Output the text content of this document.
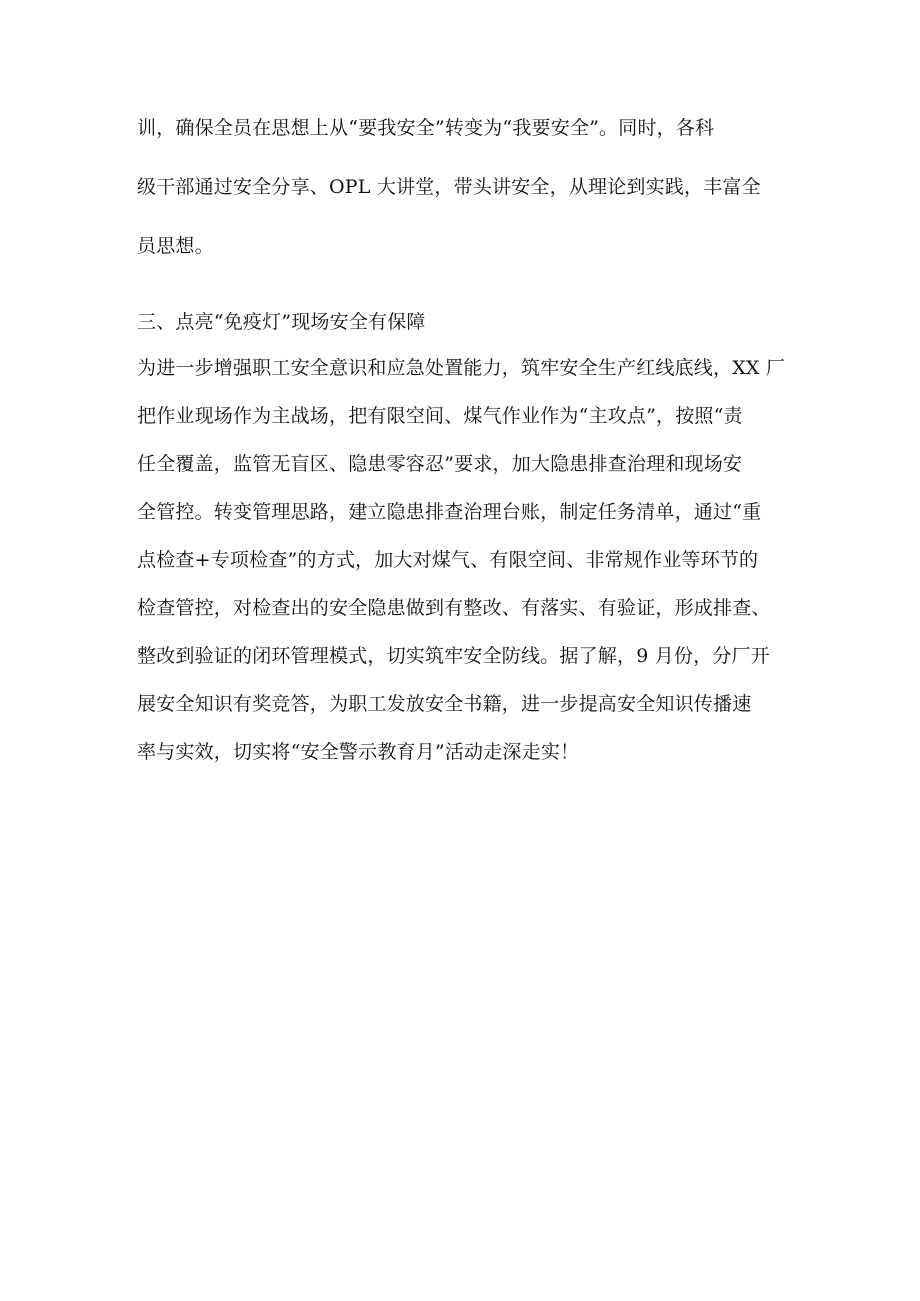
训，确保全员在思想上从“要我安全”转变为“我要安全”。同时，各科
级干部通过安全分享、OPL 大讲堂，带头讲安全，从理论到实践，丰富全
员思想。
三、点亮“免疫灯”现场安全有保障
为进一步增强职工安全意识和应急处置能力，筑牢安全生产红线底线，XX 厂
把作业现场作为主战场，把有限空间、煤气作业作为“主攻点”，按照“责
任全覆盖，监管无盲区、隐患零容忍”要求，加大隐患排查治理和现场安
全管控。转变管理思路，建立隐患排查治理台账，制定任务清单，通过“重
点检查+专项检查”的方式，加大对煤气、有限空间、非常规作业等环节的
检查管控，对检查出的安全隐患做到有整改、有落实、有验证，形成排查、
整改到验证的闭环管理模式，切实筑牢安全防线。据了解，9 月份，分厂开
展安全知识有奖竞答，为职工发放安全书籍，进一步提高安全知识传播速
率与实效，切实将“安全警示教育月”活动走深走实！
